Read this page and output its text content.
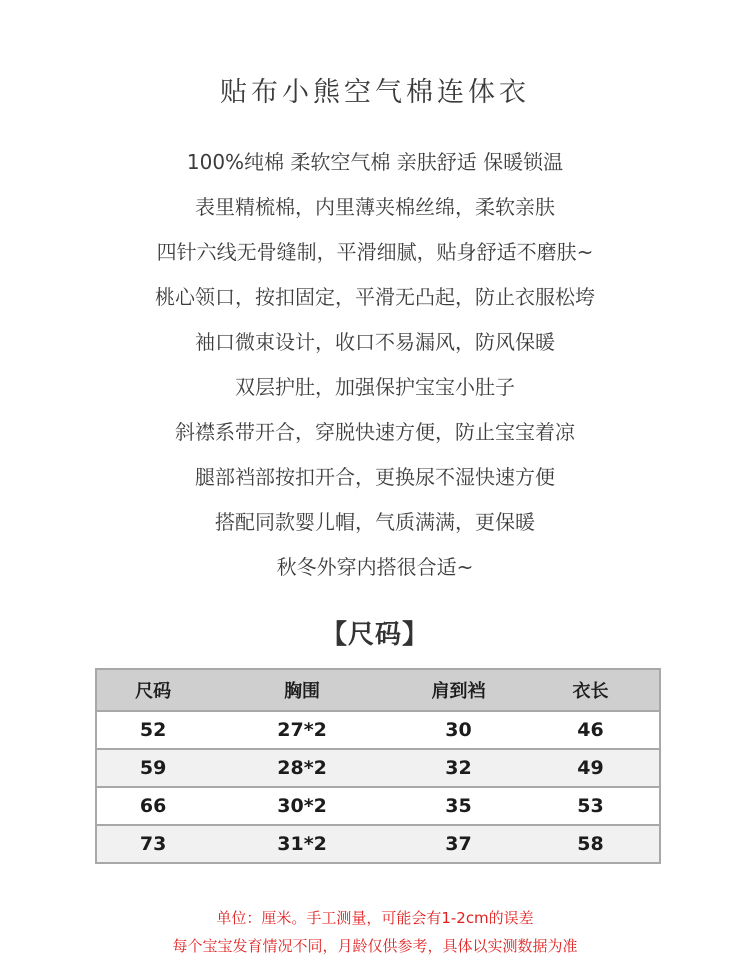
贴布小熊空气棉连体衣
100%纯棉 柔软空气棉 亲肤舒适 保暖锁温
表里精梳棉，内里薄夹棉丝绵，柔软亲肤
四针六线无骨缝制，平滑细腻，贴身舒适不磨肤~
桃心领口，按扣固定，平滑无凸起，防止衣服松垮
袖口微束设计，收口不易漏风，防风保暖
双层护肚，加强保护宝宝小肚子
斜襟系带开合，穿脱快速方便，防止宝宝着凉
腿部裆部按扣开合，更换尿不湿快速方便
搭配同款婴儿帽，气质满满，更保暖
秋冬外穿内搭很合适~
【尺码】
尺码	胸围	肩到裆	衣长
52	27*2	30	46
59	28*2	32	49
66	30*2	35	53
73	31*2	37	58
单位：厘米。手工测量，可能会有1-2cm的误差
每个宝宝发育情况不同，月龄仅供参考，具体以实测数据为准
